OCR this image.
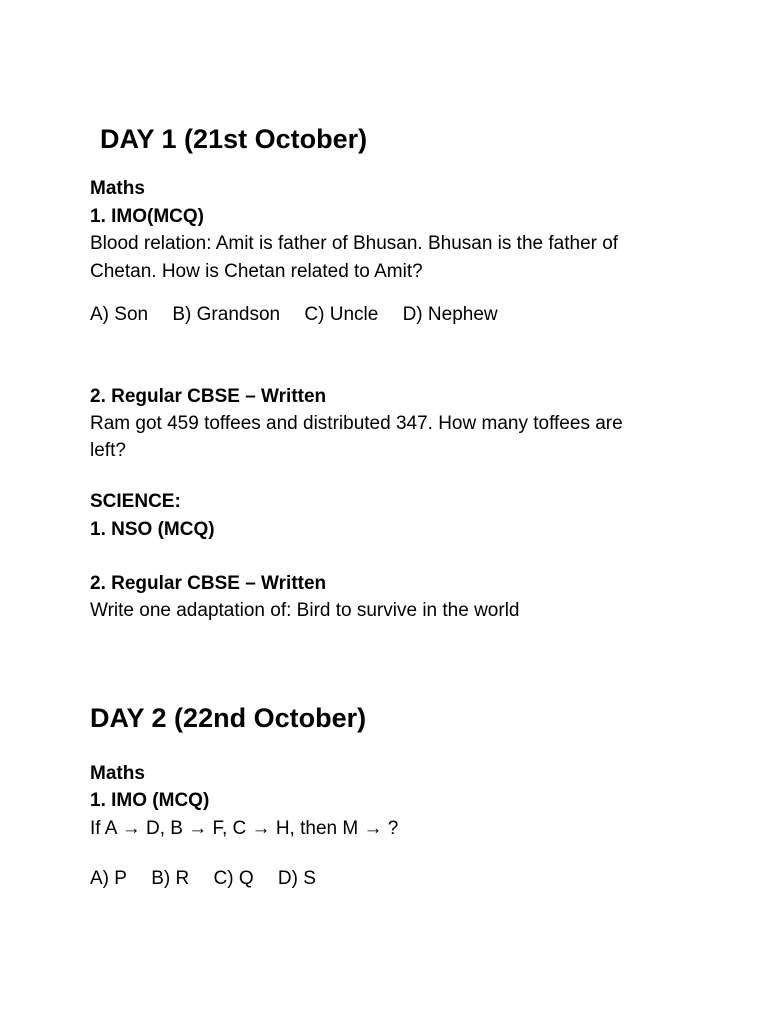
DAY 1 (21st October)
Maths
1. IMO(MCQ)
Blood relation: Amit is father of Bhusan. Bhusan is the father of
Chetan. How is Chetan related to Amit?
A) Son B) Grandson C) Uncle D) Nephew
2. Regular CBSE – Written
Ram got 459 toffees and distributed 347. How many toffees are
left?
SCIENCE:
1. NSO (MCQ)
2. Regular CBSE – Written
Write one adaptation of: Bird to survive in the world
DAY 2 (22nd October)
Maths
1. IMO (MCQ)
If A → D, B → F, C → H, then M → ?
A) P B) R C) Q D) S
